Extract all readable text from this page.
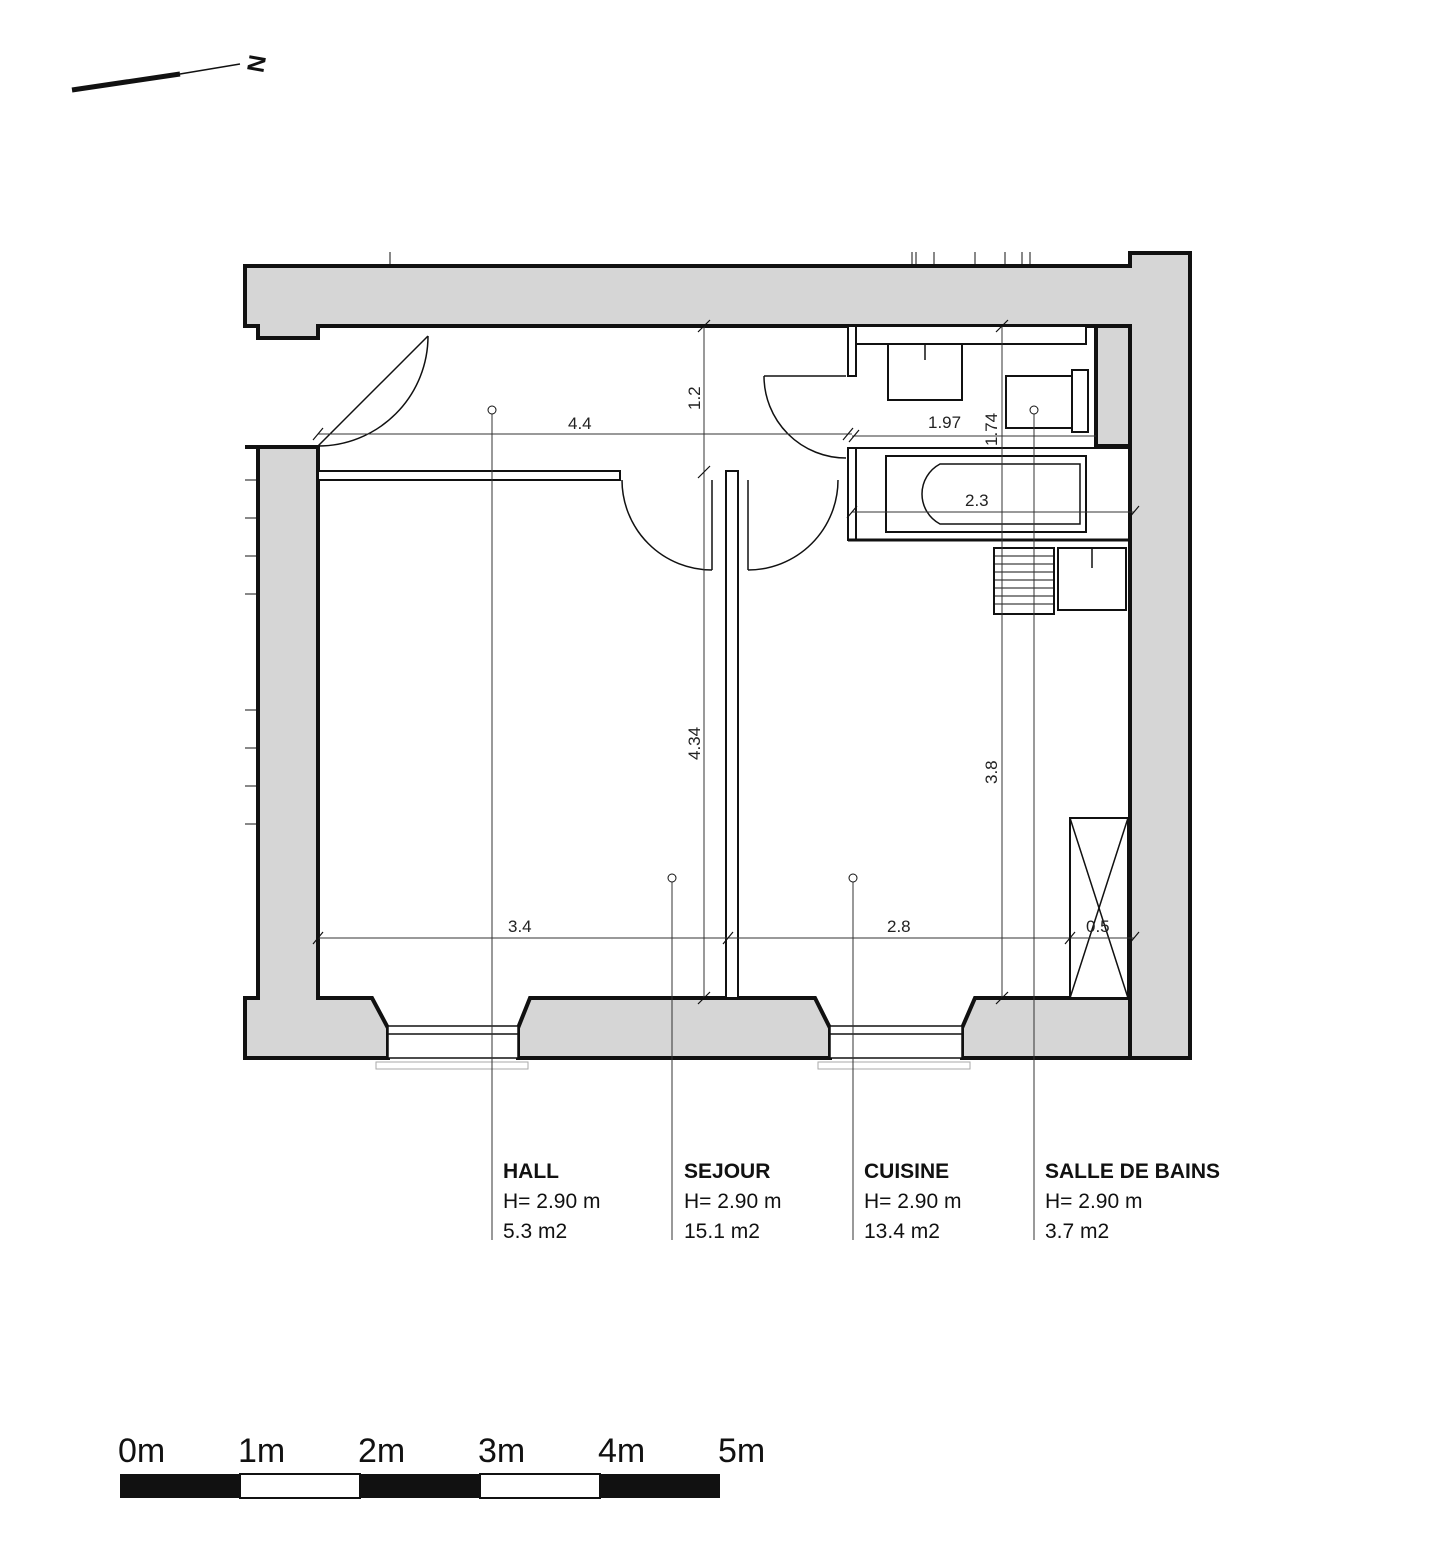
N
4.4
1.2
1.97 1.74
2.3
4.34
3.8
3.4	2.8	0.5
HALL
H= 2.90 m
5.3 m2
SEJOUR
H= 2.90 m
15.1 m2
CUISINE
H= 2.90 m
13.4 m2
SALLE DE BAINS
H= 2.90 m
3.7 m2
0m 1m 2m 3m 4m 5m
